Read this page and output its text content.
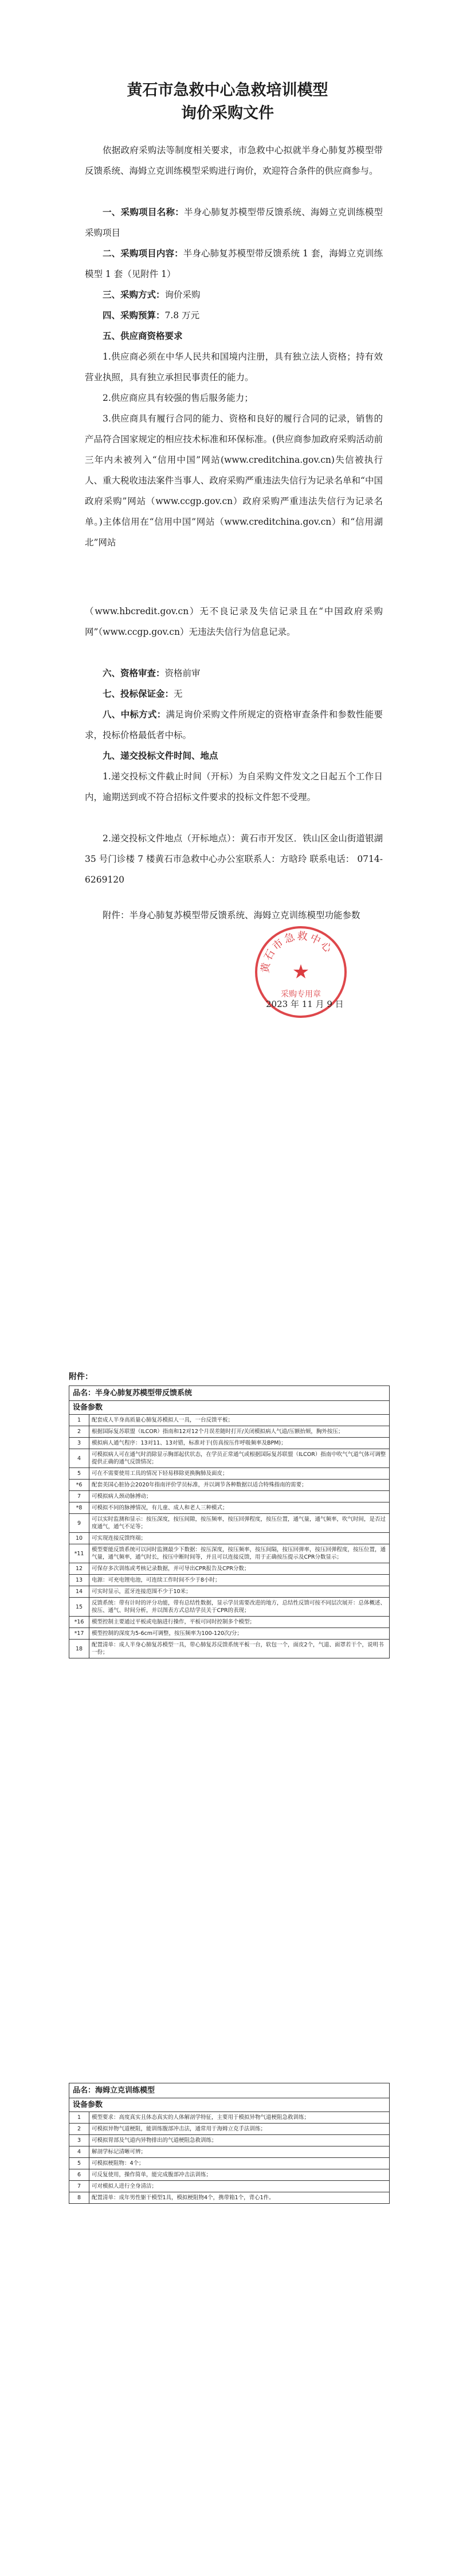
黄石市急救中心急救培训模型
询价采购文件
依据政府采购法等制度相关要求，市急救中心拟就半身心肺复苏模型带反馈系统、海姆立克训练模型采购进行询价，欢迎符合条件的供应商参与。
一、采购项目名称：半身心肺复苏模型带反馈系统、海姆立克训练模型采购项目
二、采购项目内容：半身心肺复苏模型带反馈系统 1 套，海姆立克训练模型 1 套（见附件 1）
三、采购方式：询价采购
四、采购预算：7.8 万元
五、供应商资格要求
1.供应商必须在中华人民共和国境内注册，具有独立法人资格；持有效营业执照，具有独立承担民事责任的能力。
2.供应商应具有较强的售后服务能力；
3.供应商具有履行合同的能力、资格和良好的履行合同的记录，销售的产品符合国家规定的相应技术标准和环保标准。(供应商参加政府采购活动前三年内未被列入“信用中国”网站(www.creditchina.gov.cn)失信被执行人、重大税收违法案件当事人、政府采购严重违法失信行为记录名单和“中国政府采购”网站（www.ccgp.gov.cn）政府采购严重违法失信行为记录名单。)主体信用在“信用中国”网站（www.creditchina.gov.cn）和“信用湖北”网站
（www.hbcredit.gov.cn）无不良记录及失信记录且在“中国政府采购网”（www.ccgp.gov.cn）无违法失信行为信息记录。
六、资格审查：资格前审
七、投标保证金：无
八、中标方式：满足询价采购文件所规定的资格审查条件和参数性能要求，投标价格最低者中标。
九、递交投标文件时间、地点
1.递交投标文件截止时间（开标）为自采购文件发文之日起五个工作日内，逾期送到或不符合招标文件要求的投标文件恕不受理。
2.递交投标文件地点（开标地点）：黄石市开发区．铁山区金山街道银湖 35 号门诊楼 7 楼黄石市急救中心办公室联系人：方晗玲 联系电话： 0714-6269120
附件：半身心肺复苏模型带反馈系统、海姆立克训练模型功能参数
黄石市急救中心
★
采购专用章
2023 年 11 月 9 日
附件：
品名：半身心肺复苏模型带反馈系统	
设备参数	
1	配套成人半身高质量心肺复苏模拟人一具，一台反馈平板；
2	根据国际复苏联盟（ILCOR）指南和12对12个月误差随时打开/关闭模拟病人气道/压额抬颏，胸外按压；
3	模拟病人通气程序：13对11、13对错，标准对于(仿真按压作呼吸频率及BPM)；
4	可模拟病人可在通气时消除显示胸部起伏状态，在学员正常通气或根据国际复苏联盟（ILCOR）指南中吹气气道气体可调整提供正确的通气反馈情况；
5	可在不需要使用工具的情况下轻易移除更换胸肺及面皮；
*6	配套美国心脏协会2020年指南评价学员标准，并以调节各种数据以适合特殊指南的需要；
7	可模拟病人颈动脉搏动；
*8	可模拟不同的脉搏情况，有儿童、成人和老人三种模式；
9	可以实时监测和显示：按压深度，按压间隙，按压频率，按压回弹程度，按压位置，通气量，通气频率，吹气时间，是否过度通气，通气不足等；
10	可实现连接反馈终端；
*11	模型要能反馈系统可以同时监测最少下数据：按压深度，按压频率，按压间隔，按压回弹率，按压回弹程度，按压位置，通气量，通气频率，通气时长，按压中断时间等，并且可以连接反馈，用于正确按压提示及CPR分数显示；
12	可保存多次训练或考核记录数据，并可导出CPR报告及CPR分数；
13	电源：可充电锂电池，可连续工作时间不少于8小时；
14	可实时显示，蓝牙连接范围不少于10米；
15	反馈系统：带有计时的评分功能，带有总结性数据，显示学员需要改进的地方，总结性反馈可按不同层次展开：总体概述、按压、通气、时间分析，并以图表方式总结学员关于CPR的表现；
*16	模型控制主要通过平板或电脑进行操作，平板可同时控制多个模型；
*17	模型控制的深度为5-6cm可调整，按压频率为100-120次/分；
18	配置清单：成人半身心肺复苏模型一具，带心肺复苏反馈系统平板一台，软包一个，面皮2个，气道、面罩若干个，说明书一份；
品名：海姆立克训练模型	
设备参数	
1	模型要求：高度真实且体态真实的人体解剖学特征，主要用于模拟异物气道梗阻急救训练；
2	可模拟异物气道梗阻，能训练腹部冲击法，通常用于海姆立克手法训练；
3	可模拟胃部及气道内异物排出的气道梗阻急救训练；
4	解剖学标记清晰可辨；
5	可模拟梗阻物：4个；
6	可反复使用，操作简单，能完成腹部冲击法训练；
7	可对模拟人进行全身清洁；
8	配置清单：成年男性躯干模型1具，模拟梗阻物4个，携带箱1个，背心1件。
